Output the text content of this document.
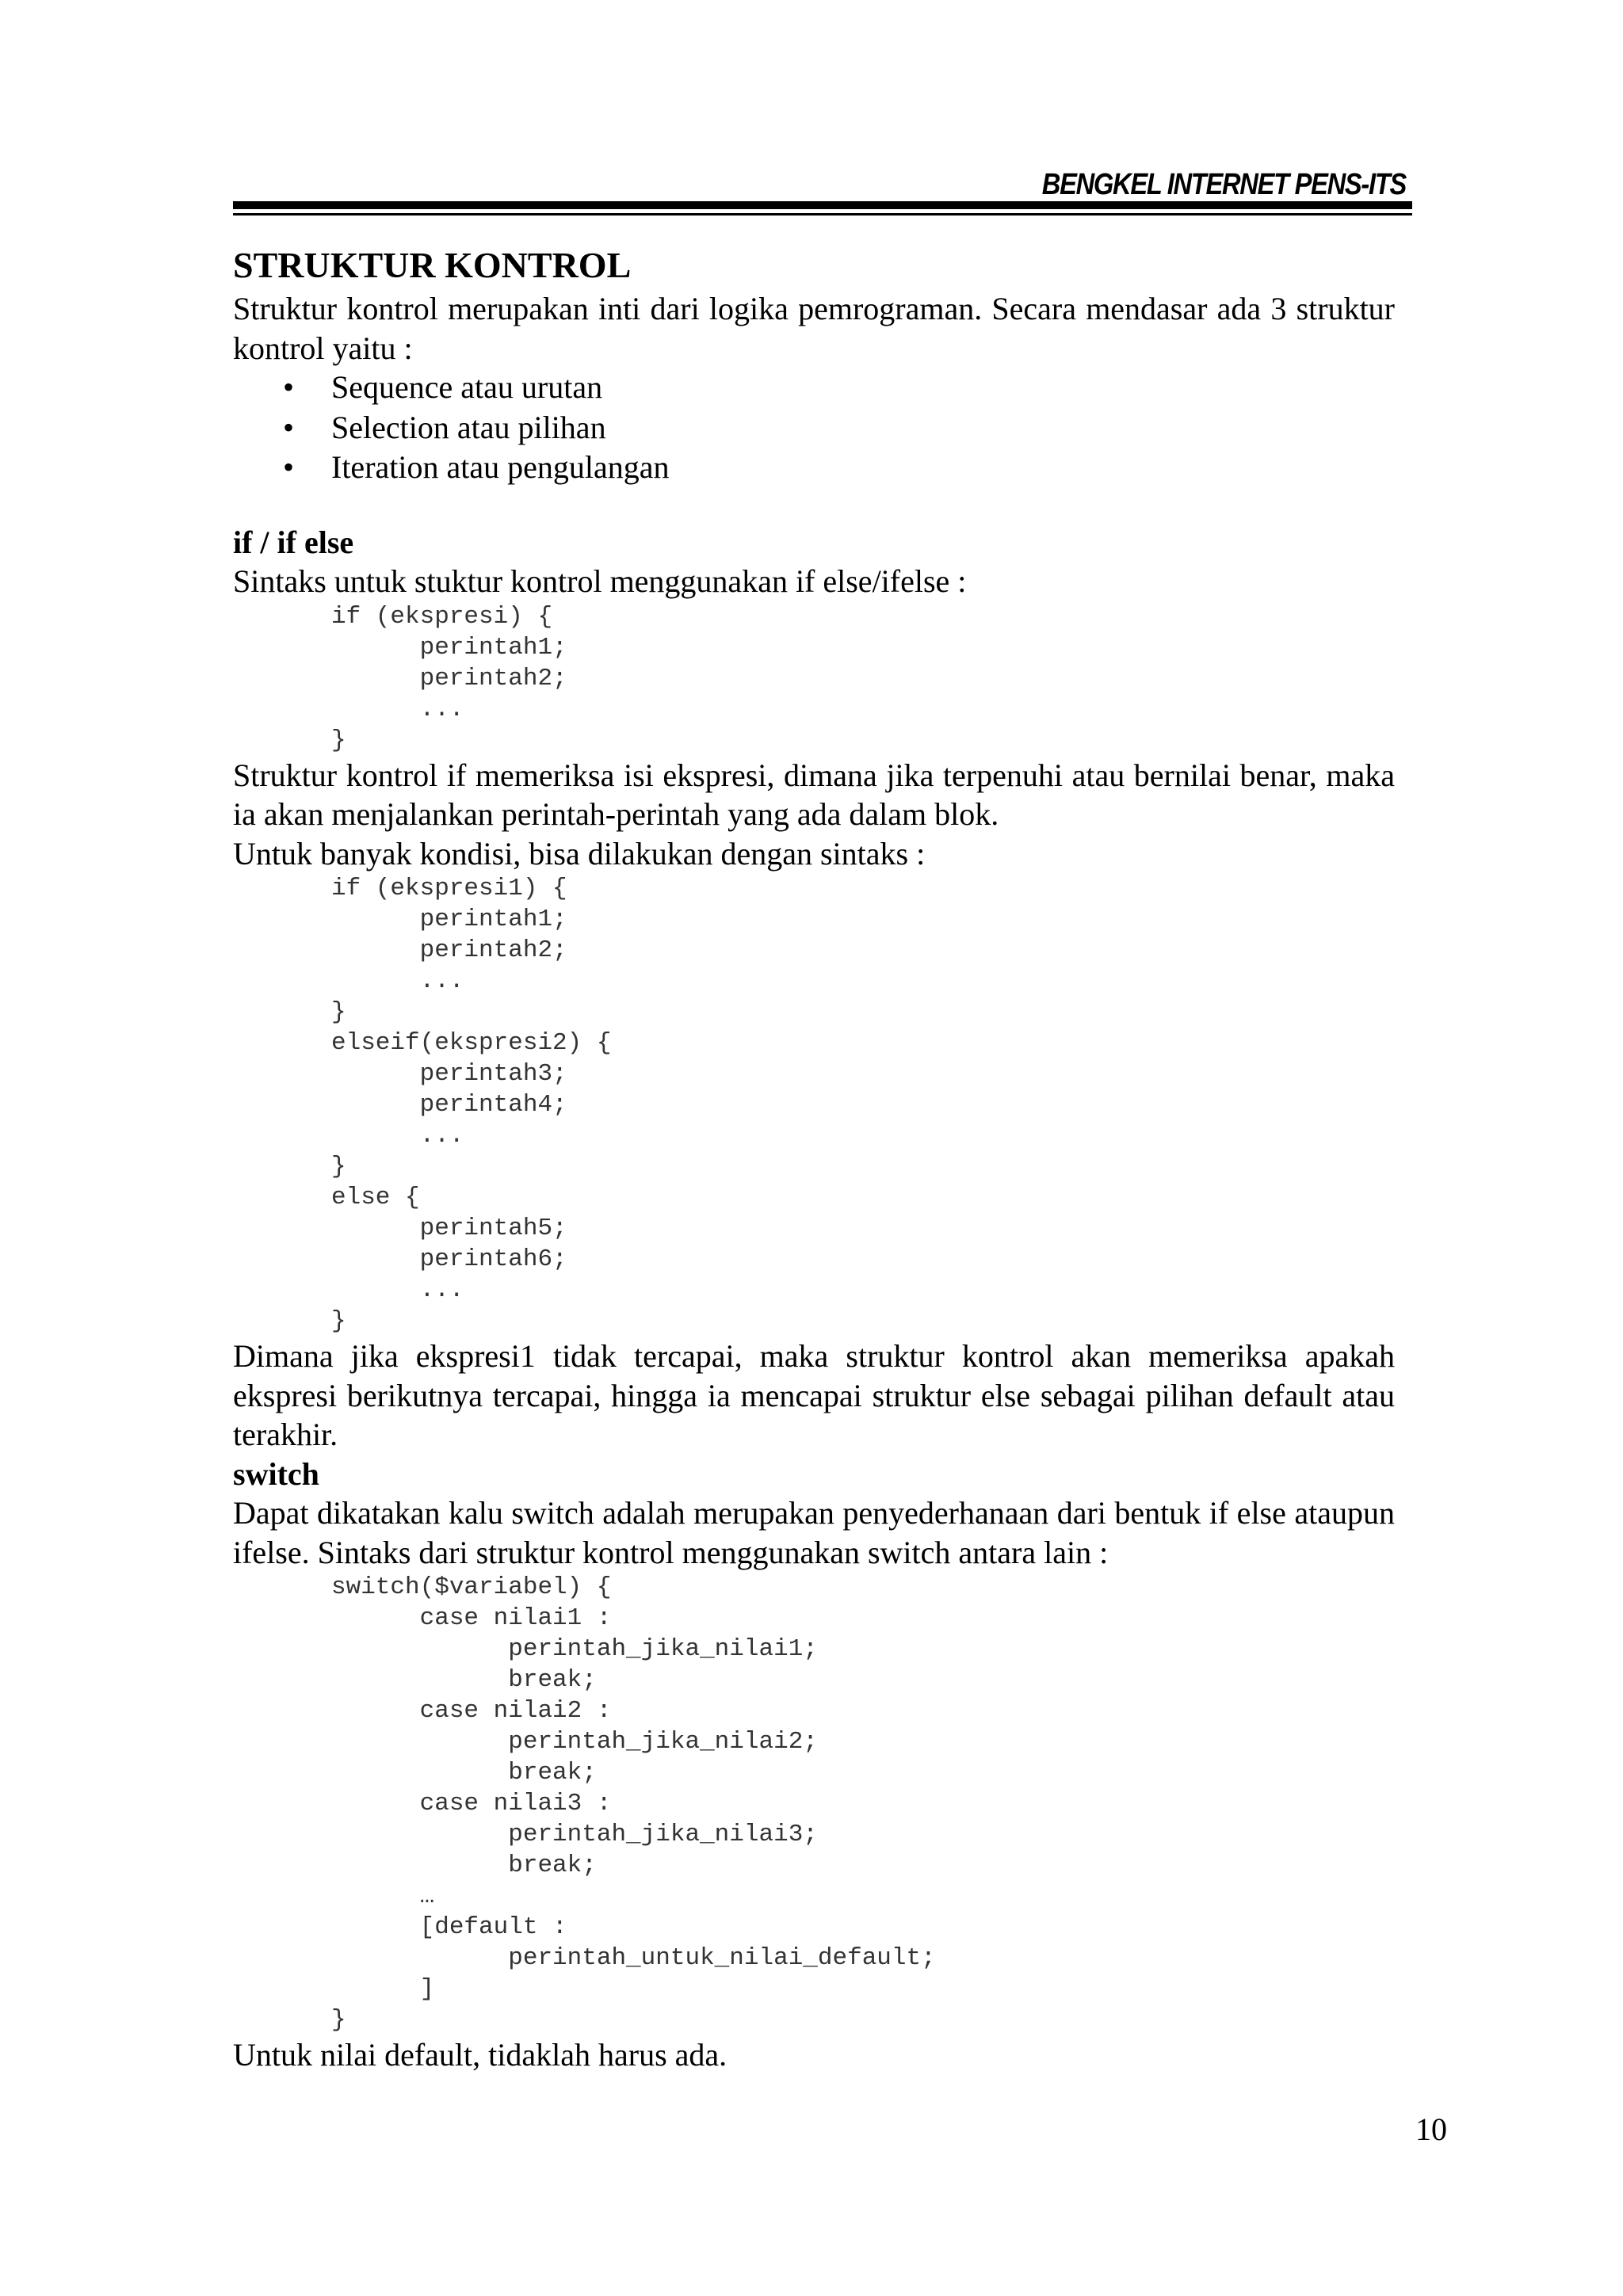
BENGKEL INTERNET PENS-ITS
STRUKTUR KONTROL

Struktur kontrol merupakan inti dari logika pemrograman. Secara mendasar ada 3 struktur kontrol yaitu :

• Sequence atau urutan
• Selection atau pilihan
• Iteration atau pengulangan
if / if else

Sintaks untuk stuktur kontrol menggunakan if else/ifelse :

if (ekspresi) {
perintah1;
perintah2;
...
}

Struktur kontrol if memeriksa isi ekspresi, dimana jika terpenuhi atau bernilai benar, maka ia akan menjalankan perintah-perintah yang ada dalam blok.

Untuk banyak kondisi, bisa dilakukan dengan sintaks :

if (ekspresi1) {
perintah1;
perintah2;
...
}
elseif(ekspresi2) {
perintah3;
perintah4;
...
}
else {
perintah5;
perintah6;
...
}

Dimana jika ekspresi1 tidak tercapai, maka struktur kontrol akan memeriksa apakah ekspresi berikutnya tercapai, hingga ia mencapai struktur else sebagai pilihan default atau terakhir.

switch

Dapat dikatakan kalu switch adalah merupakan penyederhanaan dari bentuk if else ataupun ifelse. Sintaks dari struktur kontrol menggunakan switch antara lain :

switch($variabel) {
case nilai1 :
perintah_jika_nilai1;
break;
case nilai2 :
perintah_jika_nilai2;
break;
case nilai3 :
perintah_jika_nilai3;
break;
…
[default :
perintah_untuk_nilai_default;
]
}

Untuk nilai default, tidaklah harus ada.

10
